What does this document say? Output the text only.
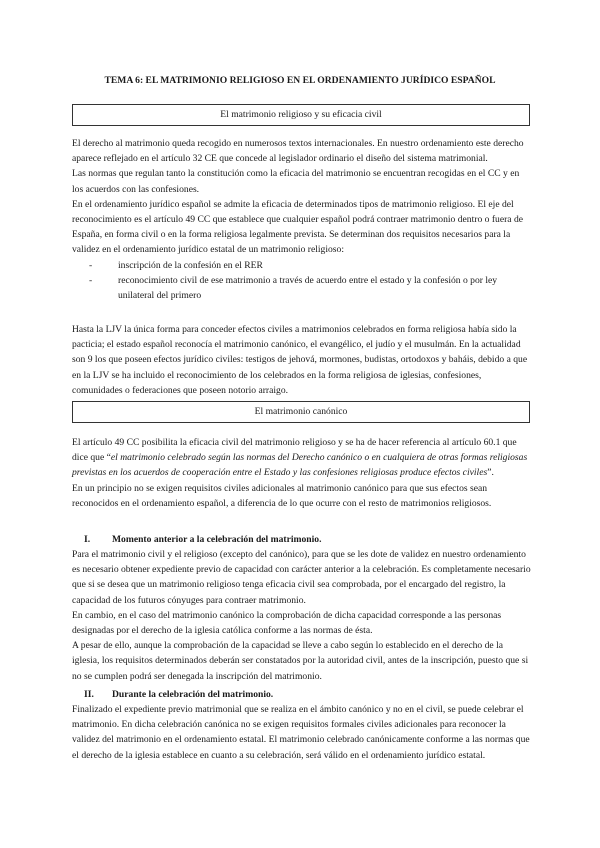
TEMA 6: EL MATRIMONIO RELIGIOSO EN EL ORDENAMIENTO JURÍDICO ESPAÑOL
El matrimonio religioso y su eficacia civil

El derecho al matrimonio queda recogido en numerosos textos internacionales. En nuestro ordenamiento este derecho aparece reflejado en el artículo 32 CE que concede al legislador ordinario el diseño del sistema matrimonial.

Las normas que regulan tanto la constitución como la eficacia del matrimonio se encuentran recogidas en el CC y en los acuerdos con las confesiones.

En el ordenamiento jurídico español se admite la eficacia de determinados tipos de matrimonio religioso. El eje del reconocimiento es el artículo 49 CC que establece que cualquier español podrá contraer matrimonio dentro o fuera de España, en forma civil o en la forma religiosa legalmente prevista. Se determinan dos requisitos necesarios para la validez en el ordenamiento jurídico estatal de un matrimonio religioso:

-	inscripción de la confesión en el RER
-	reconocimiento civil de ese matrimonio a través de acuerdo entre el estado y la confesión o por ley unilateral del primero

Hasta la LJV la única forma para conceder efectos civiles a matrimonios celebrados en forma religiosa había sido la pacticia; el estado español reconocía el matrimonio canónico, el evangélico, el judío y el musulmán. En la actualidad son 9 los que poseen efectos jurídico civiles: testigos de jehová, mormones, budistas, ortodoxos y baháis, debido a que en la LJV se ha incluido el reconocimiento de los celebrados en la forma religiosa de iglesias, confesiones, comunidades o federaciones que poseen notorio arraigo.

El matrimonio canónico

El artículo 49 CC posibilita la eficacia civil del matrimonio religioso y se ha de hacer referencia al artículo 60.1 que dice que “el matrimonio celebrado según las normas del Derecho canónico o en cualquiera de otras formas religiosas previstas en los acuerdos de cooperación entre el Estado y las confesiones religiosas produce efectos civiles”.

En un principio no se exigen requisitos civiles adicionales al matrimonio canónico para que sus efectos sean reconocidos en el ordenamiento español, a diferencia de lo que ocurre con el resto de matrimonios religiosos.

I. Momento anterior a la celebración del matrimonio.

Para el matrimonio civil y el religioso (excepto del canónico), para que se les dote de validez en nuestro ordenamiento es necesario obtener expediente previo de capacidad con carácter anterior a la celebración. Es completamente necesario que si se desea que un matrimonio religioso tenga eficacia civil sea comprobada, por el encargado del registro, la capacidad de los futuros cónyuges para contraer matrimonio.

En cambio, en el caso del matrimonio canónico la comprobación de dicha capacidad corresponde a las personas designadas por el derecho de la iglesia católica conforme a las normas de ésta.

A pesar de ello, aunque la comprobación de la capacidad se lleve a cabo según lo establecido en el derecho de la iglesia, los requisitos determinados deberán ser constatados por la autoridad civil, antes de la inscripción, puesto que si no se cumplen podrá ser denegada la inscripción del matrimonio.

II. Durante la celebración del matrimonio.

Finalizado el expediente previo matrimonial que se realiza en el ámbito canónico y no en el civil, se puede celebrar el matrimonio. En dicha celebración canónica no se exigen requisitos formales civiles adicionales para reconocer la validez del matrimonio en el ordenamiento estatal. El matrimonio celebrado canónicamente conforme a las normas que el derecho de la iglesia establece en cuanto a su celebración, será válido en el ordenamiento jurídico estatal.
